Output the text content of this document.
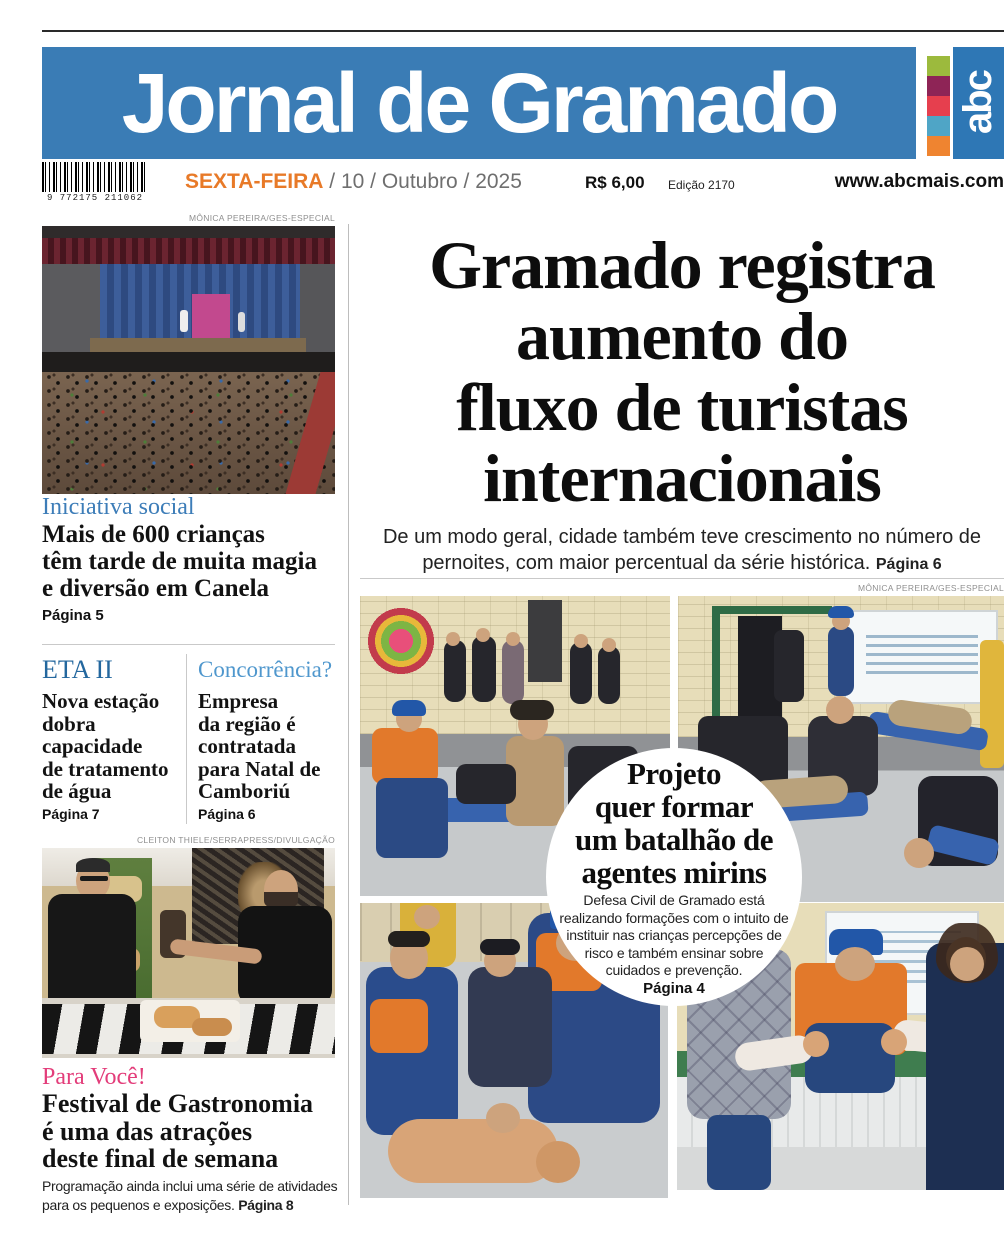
Jornal de Gramado	abc
9 772175 211062
SEXTA-FEIRA / 10 / Outubro / 2025	R$ 6,00 Edição 2170	www.abcmais.com
MÔNICA PEREIRA/GES-ESPECIAL
Iniciativa social
Mais de 600 crianças
têm tarde de muita magia
e diversão em Canela
Página 5
ETA II
Nova estação
dobra
capacidade
de tratamento
de água
Página 7
Concorrência?
Empresa
da região é
contratada
para Natal de
Camboriú
Página 6
CLEITON THIELE/SERRAPRESS/DIVULGAÇÃO
Para Você!
Festival de Gastronomia
é uma das atrações
deste final de semana
Programação ainda inclui uma série de atividades
para os pequenos e exposições. Página 8
Gramado registra
aumento do
fluxo de turistas
internacionais
De um modo geral, cidade também teve crescimento no número de
pernoites, com maior percentual da série histórica. Página 6
MÔNICA PEREIRA/GES-ESPECIAL
Projeto
quer formar
um batalhão de
agentes mirins
Defesa Civil de Gramado está
realizando formações com o intuito de
instituir nas crianças percepções de
risco e também ensinar sobre
cuidados e prevenção.
Página 4
